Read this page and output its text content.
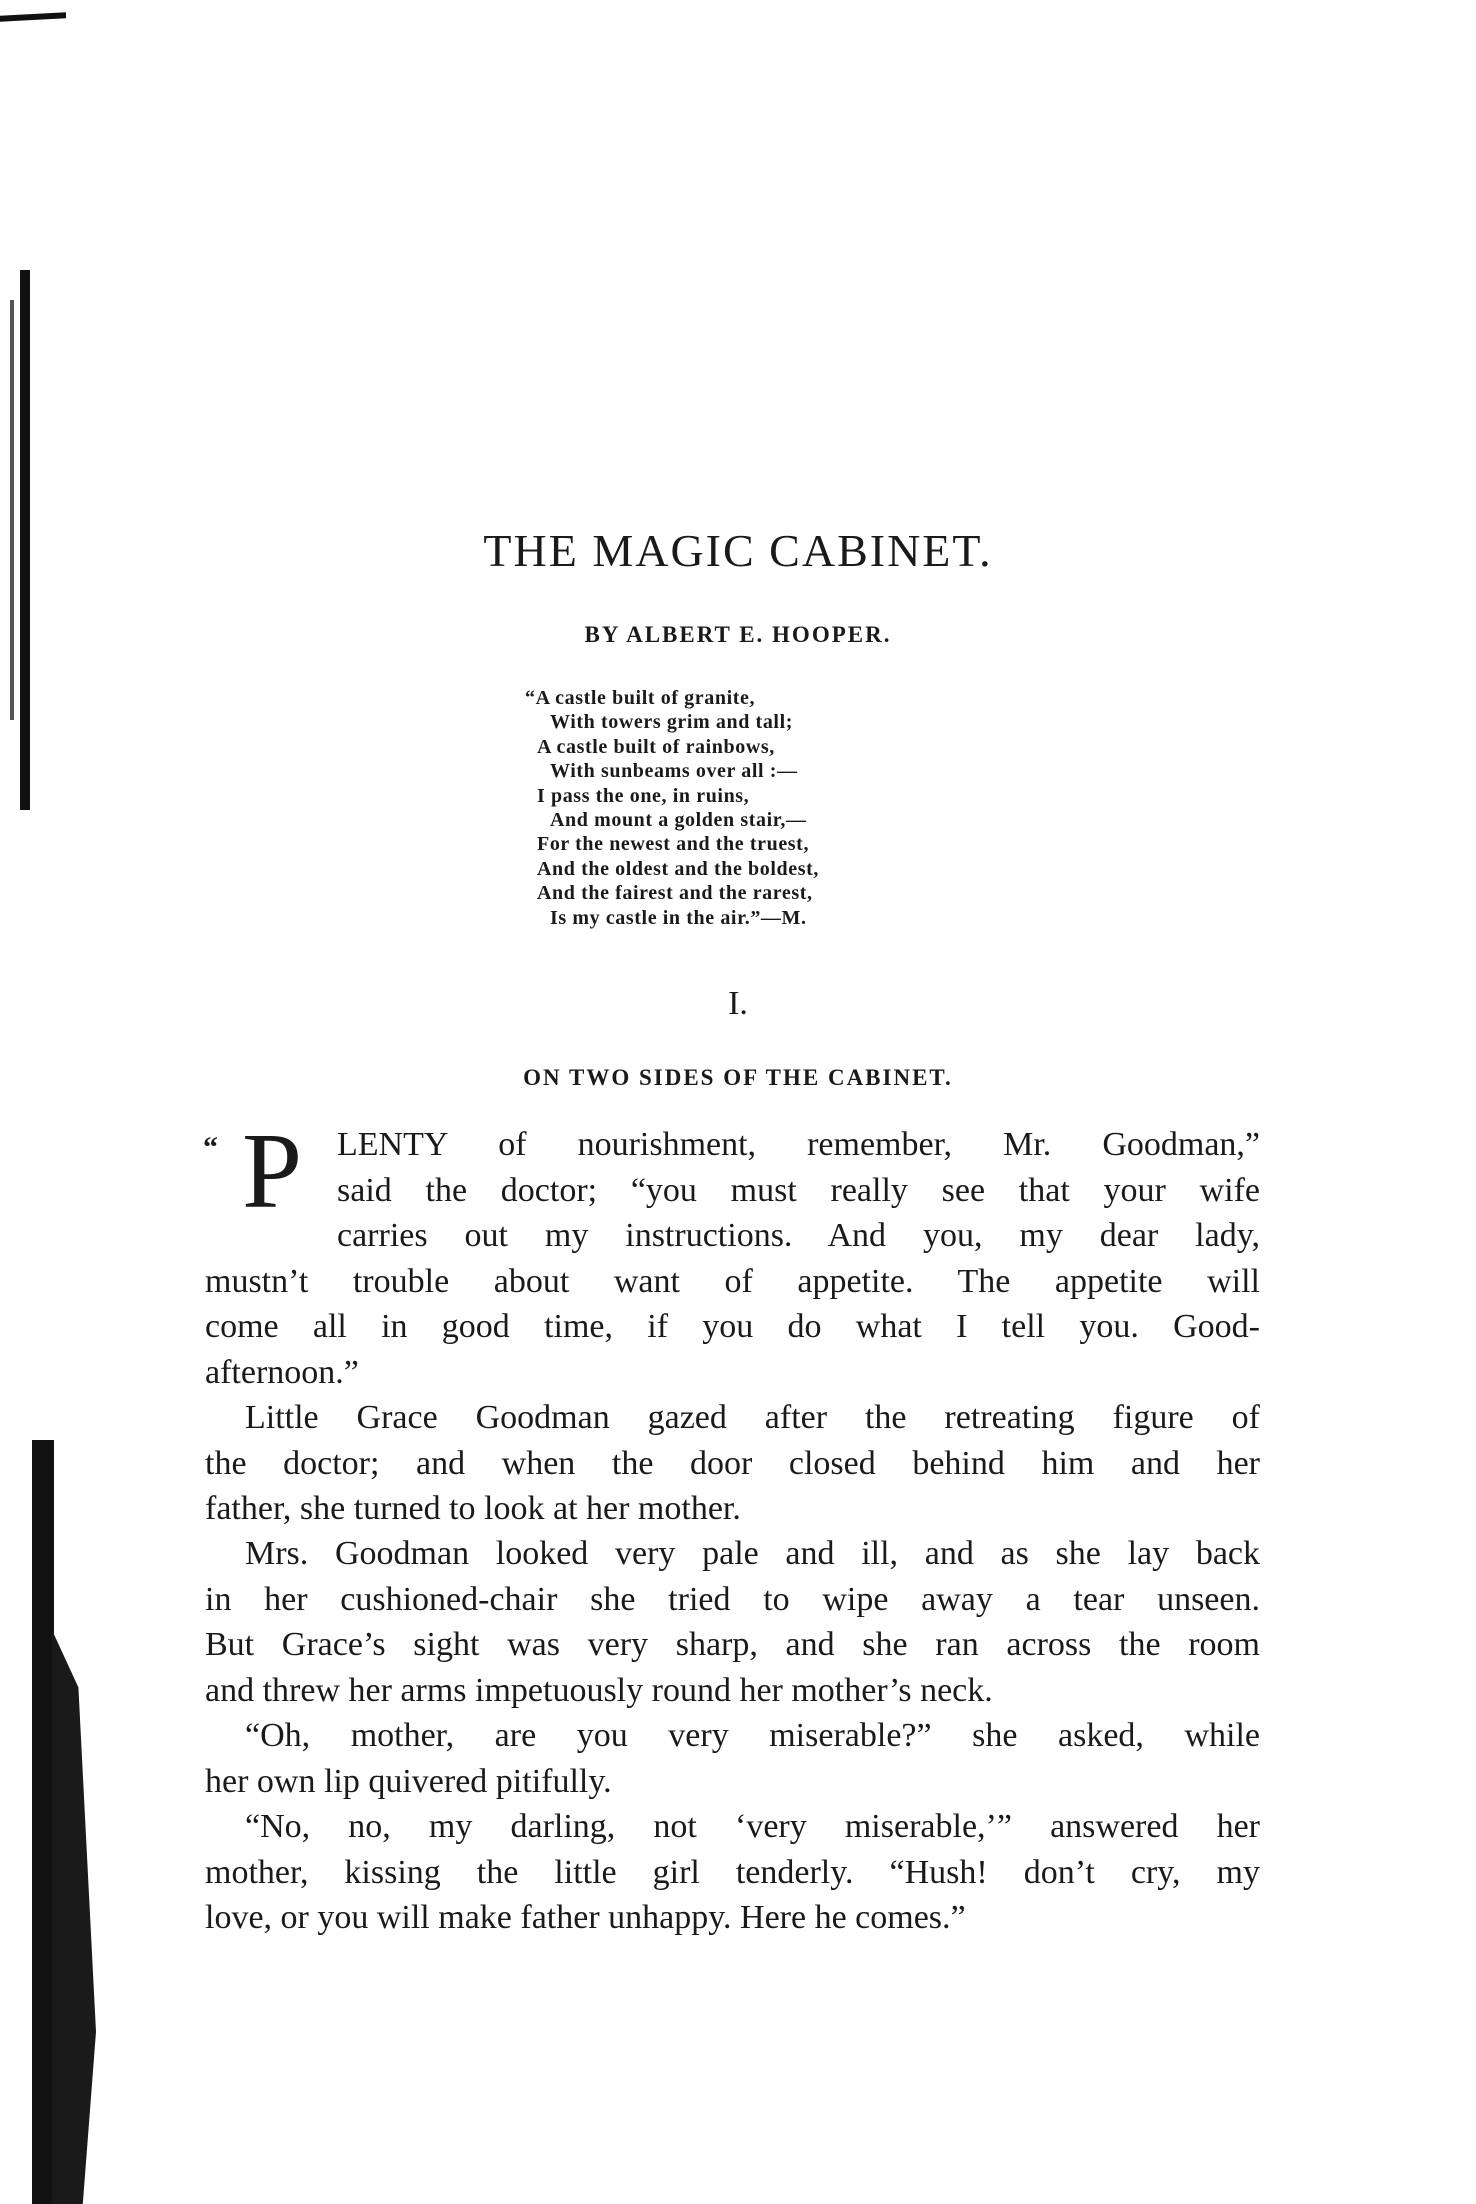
THE MAGIC CABINET.
BY ALBERT E. HOOPER.
“A castle built of granite,
With towers grim and tall;
A castle built of rainbows,
With sunbeams over all :—
I pass the one, in ruins,
And mount a golden stair,—
For the newest and the truest,
And the oldest and the boldest,
And the fairest and the rarest,
Is my castle in the air.”—M.
I.
ON TWO SIDES OF THE CABINET.
“ P	LENTY of nourishment, remember, Mr. Goodman,”
said the doctor; “you must really see that your wife
carries out my instructions. And you, my dear lady,
mustn’t trouble about want of appetite. The appetite will
come all in good time, if you do what I tell you. Good-
afternoon.”
Little Grace Goodman gazed after the retreating figure of
the doctor; and when the door closed behind him and her
father, she turned to look at her mother.
Mrs. Goodman looked very pale and ill, and as she lay back
in her cushioned-chair she tried to wipe away a tear unseen.
But Grace’s sight was very sharp, and she ran across the room
and threw her arms impetuously round her mother’s neck.
“Oh, mother, are you very miserable?” she asked, while
her own lip quivered pitifully.
“No, no, my darling, not ‘very miserable,’” answered her
mother, kissing the little girl tenderly. “Hush! don’t cry, my
love, or you will make father unhappy. Here he comes.”
